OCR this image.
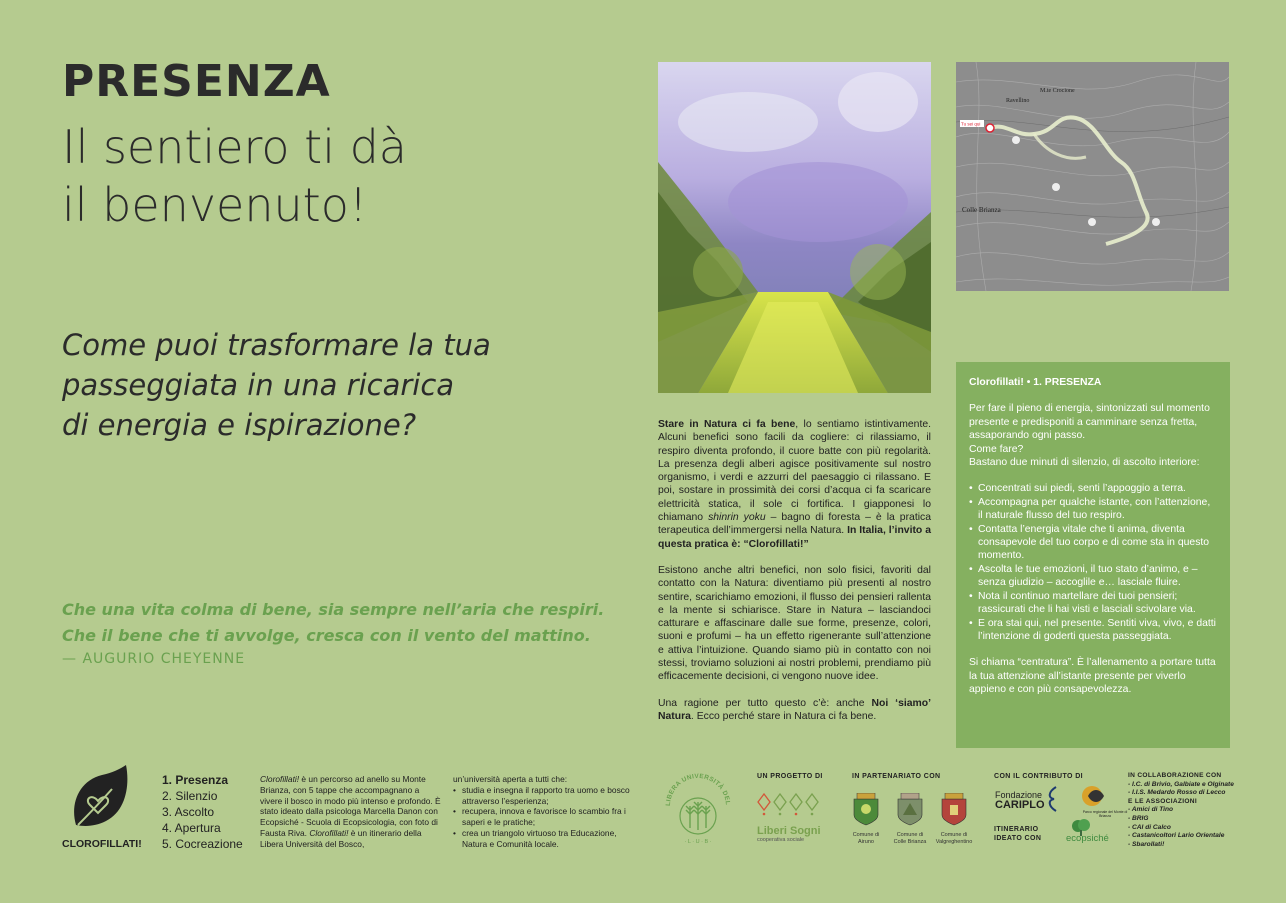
PRESENZA
Il sentiero ti dà
il benvenuto!
Come puoi trasformare la tua
passeggiata in una ricarica
di energia e ispirazione?
Che una vita colma di bene, sia sempre nell’aria che respiri.
Che il bene che ti avvolge, cresca con il vento del mattino.
— AUGURIO CHEYENNE
Tu sei qui
M.te Crocione
Ravellino
Colle Brianza

Stare in Natura ci fa bene, lo sentiamo istintivamente. Alcuni benefici sono facili da cogliere: ci rilassiamo, il respiro diventa profondo, il cuore batte con più regolarità. La presenza degli alberi agisce positivamente sul nostro organismo, i verdi e azzurri del paesaggio ci rilassano. E poi, sostare in prossimità dei corsi d’acqua ci fa scaricare elettricità statica, il sole ci fortifica. I giapponesi lo chiamano shinrin yoku – bagno di foresta – è la pratica terapeutica dell’immergersi nella Natura. In Italia, l’invito a questa pratica è: “Clorofillati!”

Esistono anche altri benefici, non solo fisici, favoriti dal contatto con la Natura: diventiamo più presenti al nostro sentire, scarichiamo emozioni, il flusso dei pensieri rallenta e la mente si schiarisce. Stare in Natura – lasciandoci catturare e affascinare dalle sue forme, presenze, colori, suoni e profumi – ha un effetto rigenerante sull’attenzione e attiva l’intuizione. Quando siamo più in contatto con noi stessi, troviamo soluzioni ai nostri problemi, prendiamo più efficacemente decisioni, ci vengono nuove idee.

Una ragione per tutto questo c’è: anche Noi ‘siamo’ Natura. Ecco perché stare in Natura ci fa bene.

Clorofillati! • 1. PRESENZA

Per fare il pieno di energia, sintonizzati sul momento presente e predisponiti a camminare senza fretta, assaporando ogni passo.

Come fare?

Bastano due minuti di silenzio, di ascolto interiore:

• Concentrati sui piedi, senti l’appoggio a terra.
• Accompagna per qualche istante, con l’attenzione, il naturale flusso del tuo respiro.
• Contatta l’energia vitale che ti anima, diventa consapevole del tuo corpo e di come sta in questo momento.
• Ascolta le tue emozioni, il tuo stato d’animo, e – senza giudizio – accoglile e… lasciale fluire.
• Nota il continuo martellare dei tuoi pensieri; rassicurati che li hai visti e lasciali scivolare via.
• E ora stai qui, nel presente. Sentiti viva, vivo, e datti l’intenzione di goderti questa passeggiata.

Si chiama “centratura”. È l’allenamento a portare tutta la tua attenzione all’istante presente per viverlo appieno e con più consapevolezza.

CLOROFILLATI!
1. Presenza
2. Silenzio
3. Ascolto
4. Apertura
5. Cocreazione
Clorofillati! è un percorso ad anello su Monte Brianza, con 5 tappe che accompagnano a vivere il bosco in modo più intenso e profondo. È stato ideato dalla psicologa Marcella Danon con Ecopsiché - Scuola di Ecopsicologia, con foto di Fausta Riva. Clorofillati! è un itinerario della Libera Università del Bosco,
un’università aperta a tutti che:
• studia e insegna il rapporto tra uomo e bosco attraverso l’esperienza;
• recupera, innova e favorisce lo scambio fra i saperi e le pratiche;
• crea un triangolo virtuoso tra Educazione, Natura e Comunità locale.
LIBERA UNIVERSITÀ DEL
· L · U · B ·
UN PROGETTO DI
Liberi Sogni
cooperativa sociale
IN PARTENARIATO CON
Comune di Airuno
Comune di Colle Brianza
Comune di Valgreghentino
CON IL CONTRIBUTO DI
Fondazione
CARIPLO
Parco regionale del Monte di Brianza
ITINERARIO
IDEATO CON	ecopsiché
IN COLLABORAZIONE CON
- I.C. di Brivio, Galbiate e Olginate
- I.I.S. Medardo Rosso di Lecco
E LE ASSOCIAZIONI
- Amici di Tino
- BRIG
- CAI di Calco
- Castanicoltori Lario Orientale
- Sbarollati!
